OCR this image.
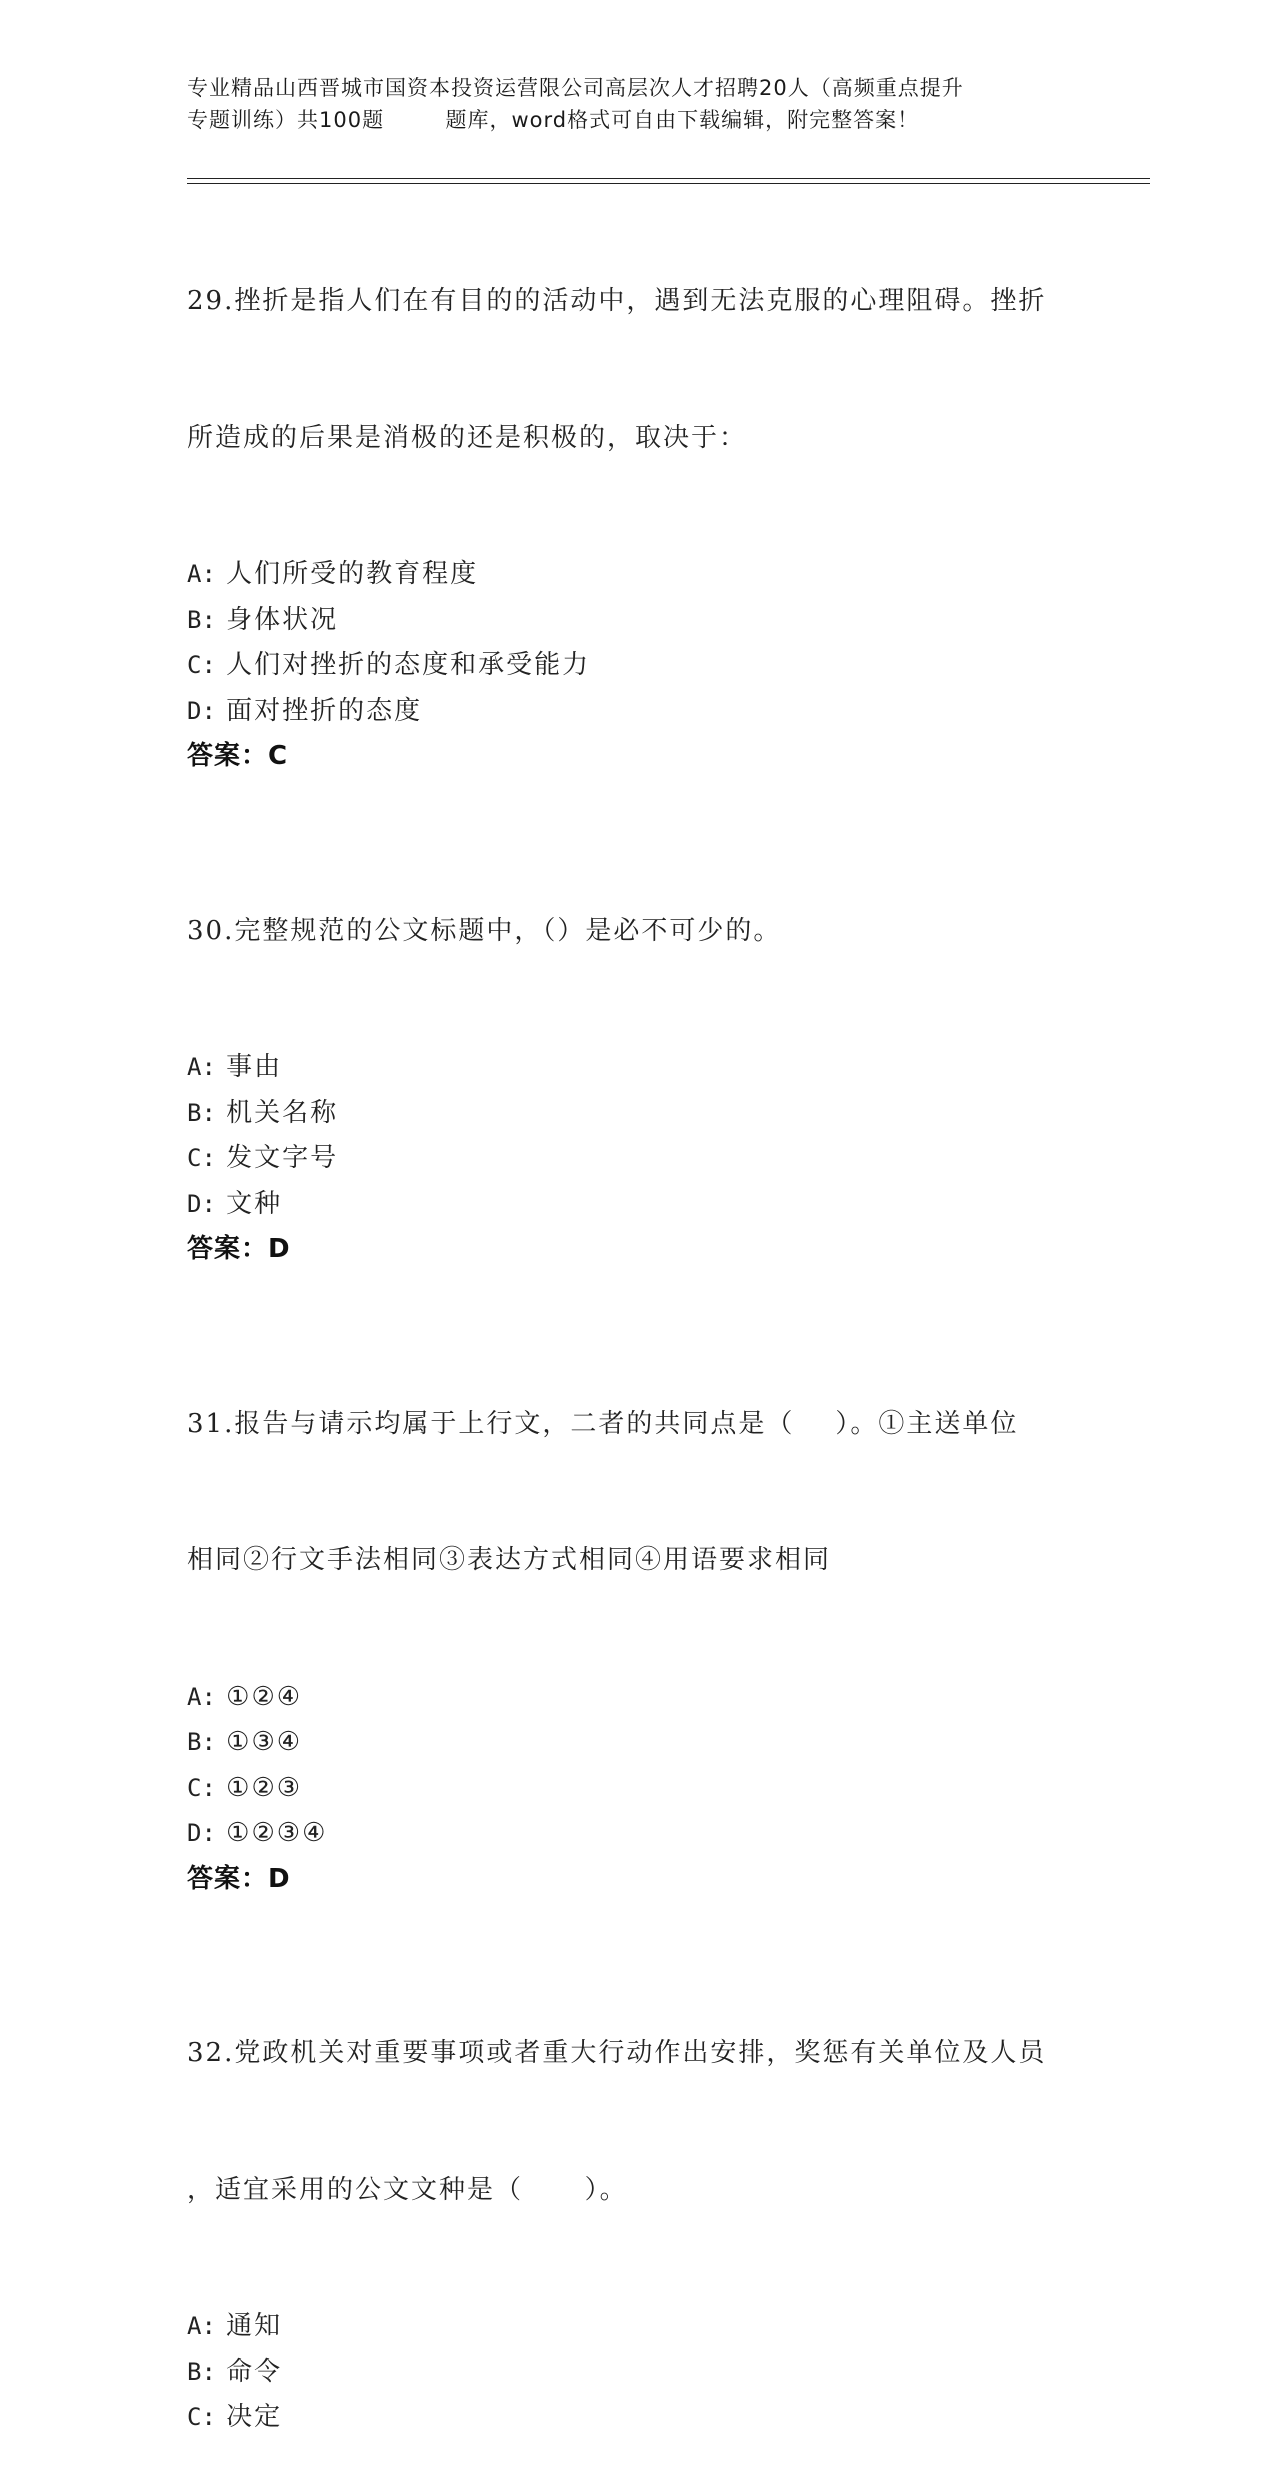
专业精品山西晋城市国资本投资运营限公司高层次人才招聘20人（高频重点提升
专题训练）共100题        题库，word格式可自由下载编辑，附完整答案！

29.挫折是指人们在有目的的活动中，遇到无法克服的心理阻碍。挫折

所造成的后果是消极的还是积极的，取决于：

A: 人们所受的教育程度
B: 身体状况
C: 人们对挫折的态度和承受能力
D: 面对挫折的态度
答案：C

30.完整规范的公文标题中，（）是必不可少的。

A: 事由
B: 机关名称
C: 发文字号
D: 文种
答案：D

31.报告与请示均属于上行文，二者的共同点是（    ）。①主送单位

相同②行文手法相同③表达方式相同④用语要求相同

A: ①②④
B: ①③④
C: ①②③
D: ①②③④
答案：D

32.党政机关对重要事项或者重大行动作出安排，奖惩有关单位及人员

，适宜采用的公文文种是（      ）。

A: 通知
B: 命令
C: 决定
